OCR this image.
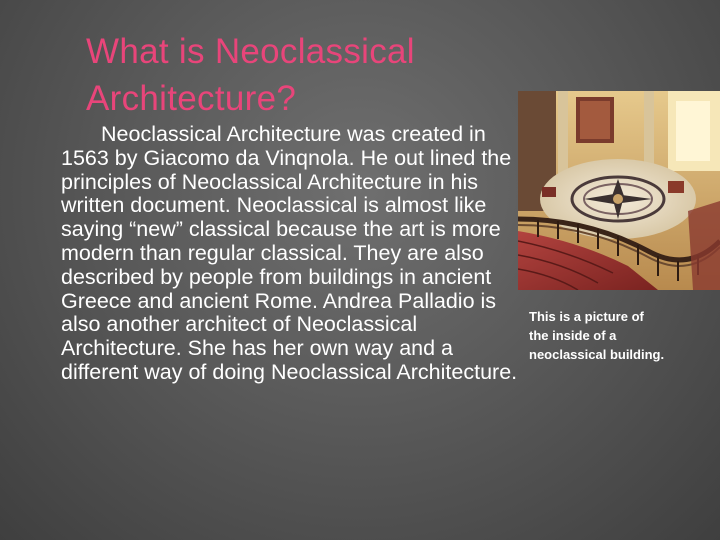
What is Neoclassical
Architecture?

Neoclassical Architecture was created in 1563 by Giacomo da Vinqnola. He out lined the principles of Neoclassical Architecture in his written document. Neoclassical is almost like saying “new” classical because the art is more modern than regular classical. They are also described by people from buildings in ancient Greece and ancient Rome. Andrea Palladio is also another architect of Neoclassical Architecture. She has her own way and a different way of doing Neoclassical Architecture.

This is a picture of
the inside of a
neoclassical building.
